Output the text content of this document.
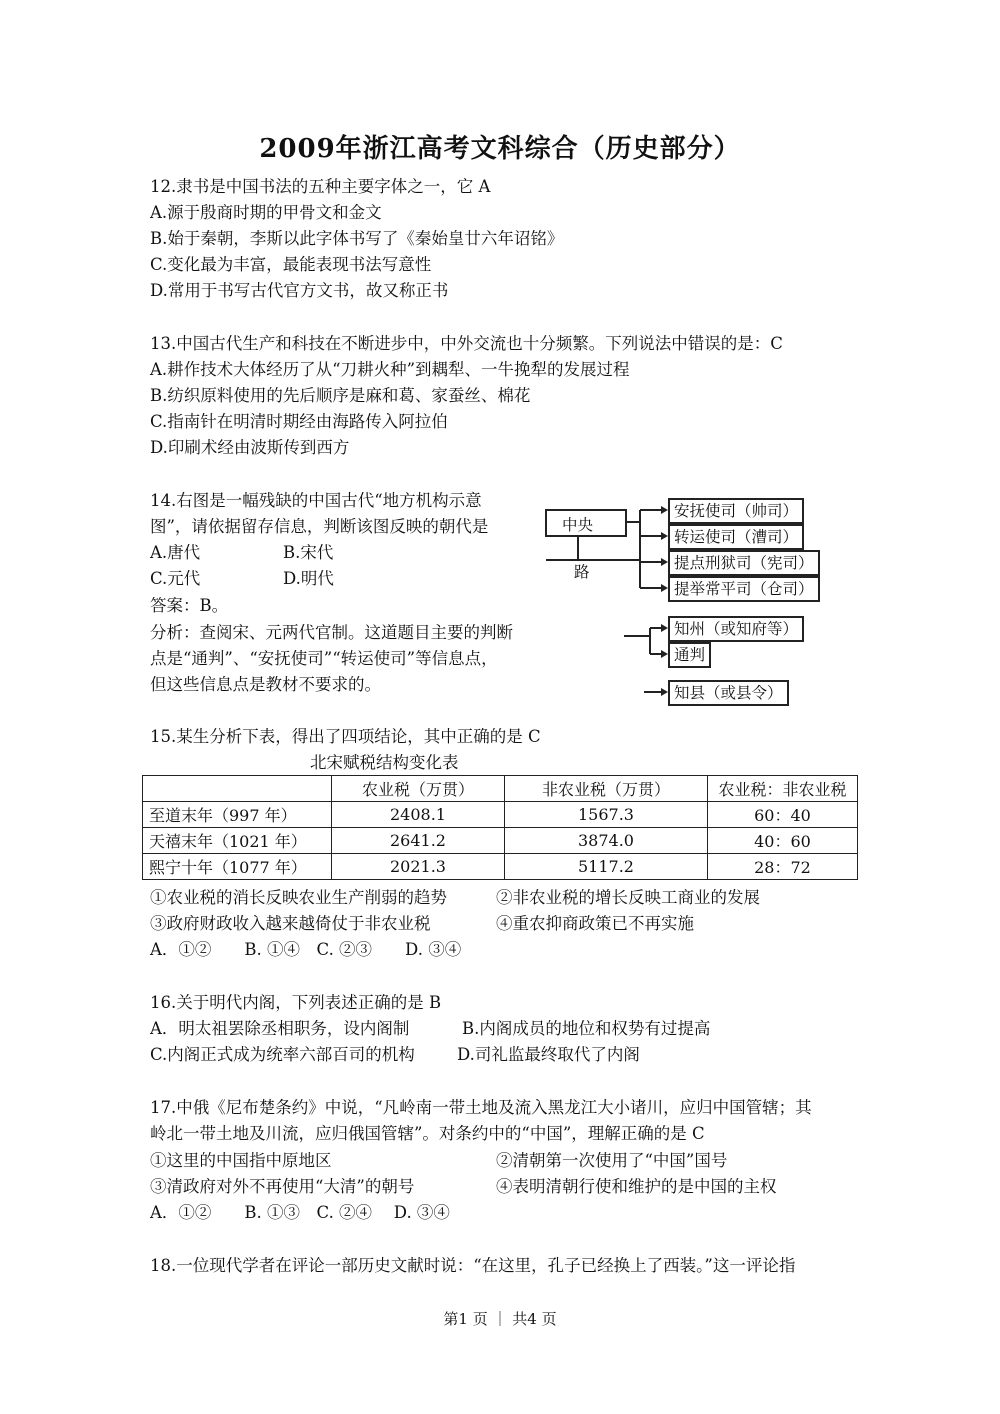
2009年浙江高考文科综合（历史部分）
12.隶书是中国书法的五种主要字体之一，它 A
A.源于殷商时期的甲骨文和金文
B.始于秦朝，李斯以此字体书写了《秦始皇廿六年诏铭》
C.变化最为丰富，最能表现书法写意性
D.常用于书写古代官方文书，故又称正书
13.中国古代生产和科技在不断进步中，中外交流也十分频繁。下列说法中错误的是：C
A.耕作技术大体经历了从“刀耕火种”到耦犁、一牛挽犁的发展过程
B.纺织原料使用的先后顺序是麻和葛、家蚕丝、棉花
C.指南针在明清时期经由海路传入阿拉伯
D.印刷术经由波斯传到西方
14.右图是一幅残缺的中国古代“地方机构示意
图”，请依据留存信息，判断该图反映的朝代是
A.唐代	B.宋代
C.元代	D.明代
答案：B。
分析：查阅宋、元两代官制。这道题目主要的判断
点是“通判”、“安抚使司”“转运使司”等信息点，
但这些信息点是教材不要求的。
中央
路
安抚使司（帅司）
转运使司（漕司）
提点刑狱司（宪司）
提举常平司（仓司）
知州（或知府等）
通判
知县（或县令）
15.某生分析下表，得出了四项结论，其中正确的是 C
北宋赋税结构变化表
	农业税（万贯）	非农业税（万贯）	农业税：非农业税
至道末年（997 年）	2408.1	1567.3	60：40
天禧末年（1021 年）	2641.2	3874.0	40：60
熙宁十年（1077 年）	2021.3	5117.2	28：72
①农业税的消长反映农业生产削弱的趋势	②非农业税的增长反映工商业的发展
③政府财政收入越来越倚仗于非农业税	④重农抑商政策已不再实施
A．①②　　B. ①④　C. ②③　　D. ③④
16.关于明代内阁，下列表述正确的是 B
A．明太祖罢除丞相职务，设内阁制	B.内阁成员的地位和权势有过提高
C.内阁正式成为统率六部百司的机构	D.司礼监最终取代了内阁
17.中俄《尼布楚条约》中说，“凡岭南一带土地及流入黑龙江大小诸川，应归中国管辖；其
岭北一带土地及川流，应归俄国管辖”。对条约中的“中国”，理解正确的是 C
①这里的中国指中原地区	②清朝第一次使用了“中国”国号
③清政府对外不再使用“大清”的朝号	④表明清朝行使和维护的是中国的主权
A．①②　　B. ①③　C. ②④　 D. ③④
18.一位现代学者在评论一部历史文献时说：“在这里，孔子已经换上了西装。”这一评论指
第1 页 ｜ 共4 页
